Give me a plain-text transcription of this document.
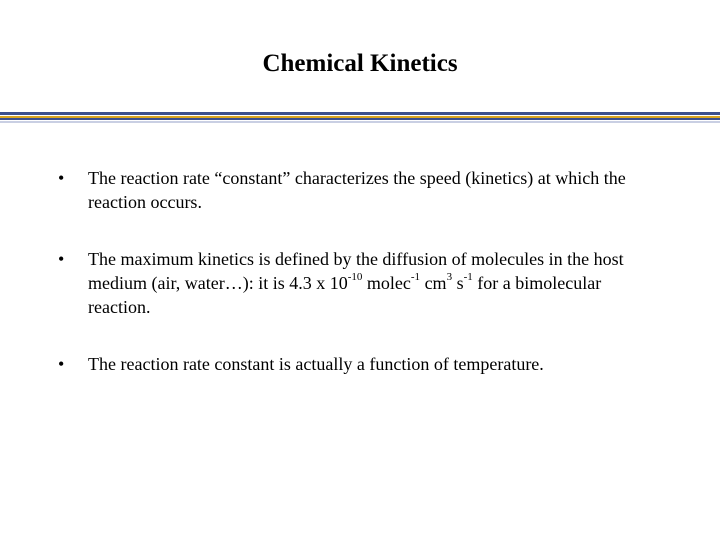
Chemical Kinetics
• The reaction rate “constant” characterizes the speed (kinetics) at which the reaction occurs.
• The maximum kinetics is defined by the diffusion of molecules in the host medium (air, water…): it is 4.3 x $10^{-10}$ molec$^{-1}$ $cm^3$ $s^{-1}$ for a bimolecular reaction.
• The reaction rate constant is actually a function of temperature.
